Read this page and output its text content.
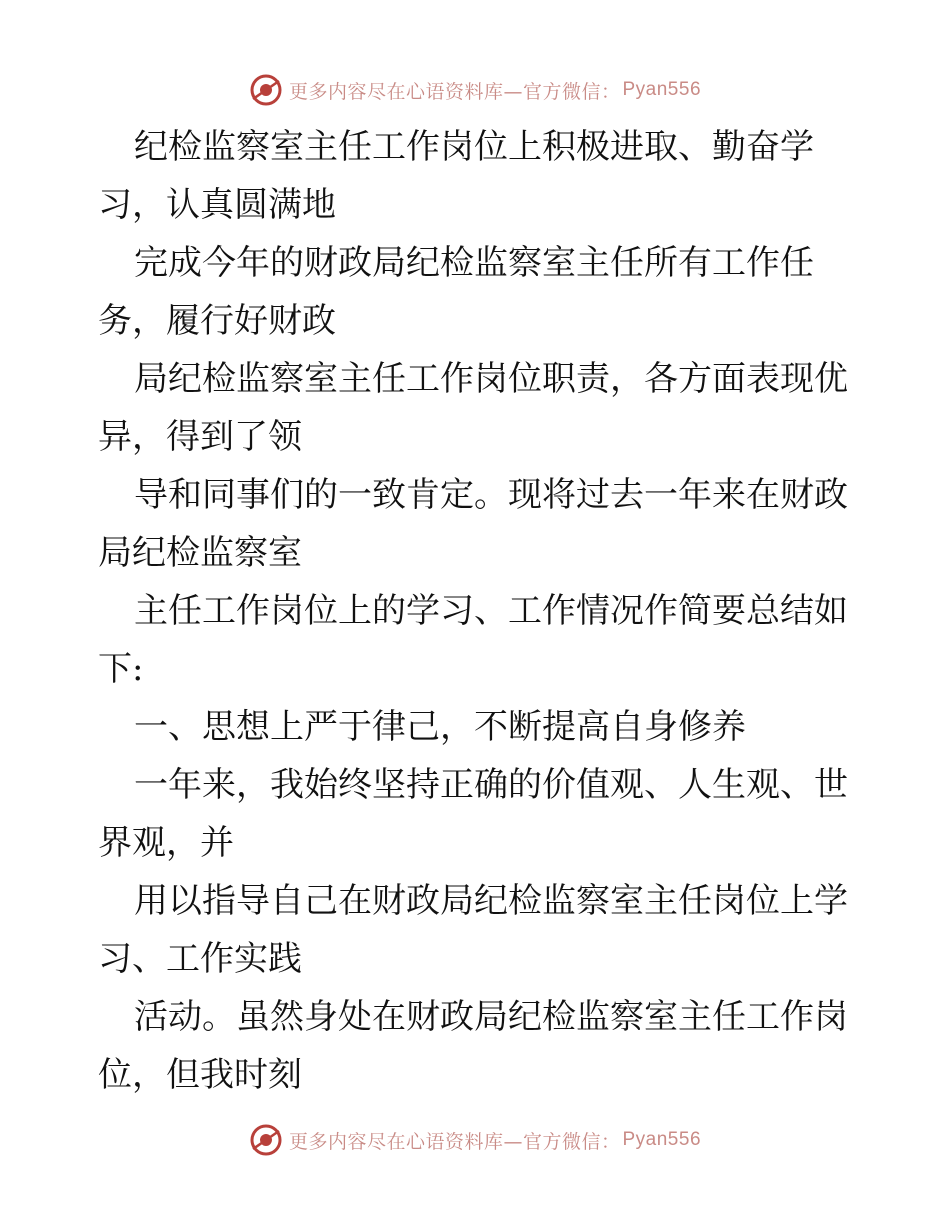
更多内容尽在心语资料库—官方微信： Pyan556

纪检监察室主任工作岗位上积极进取、勤奋学

习，认真圆满地

完成今年的财政局纪检监察室主任所有工作任

务，履行好财政

局纪检监察室主任工作岗位职责，各方面表现优

异，得到了领

导和同事们的一致肯定。现将过去一年来在财政

局纪检监察室

主任工作岗位上的学习、工作情况作简要总结如

下:

一、思想上严于律己，不断提高自身修养

一年来，我始终坚持正确的价值观、人生观、世

界观，并

用以指导自己在财政局纪检监察室主任岗位上学

习、工作实践

活动。虽然身处在财政局纪检监察室主任工作岗

位，但我时刻

更多内容尽在心语资料库—官方微信： Pyan556
